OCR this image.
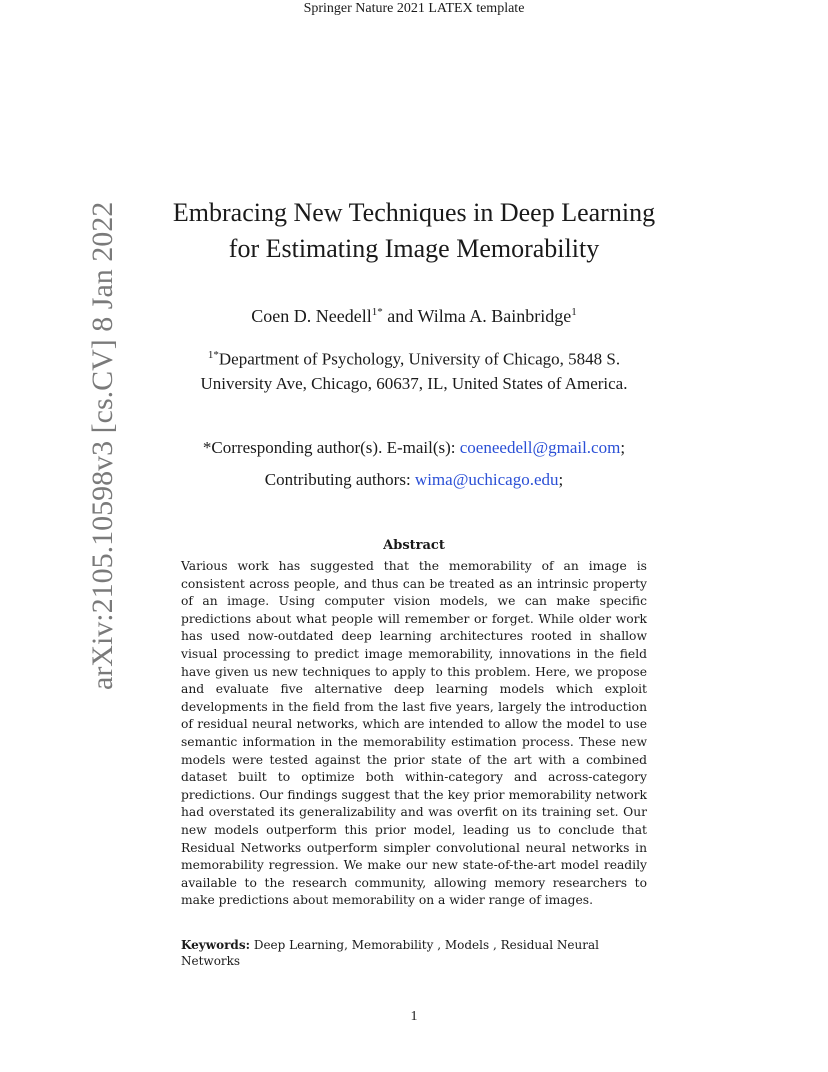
Springer Nature 2021 LATEX template
arXiv:2105.10598v3 [cs.CV] 8 Jan 2022	Embracing New Techniques in Deep Learning
for Estimating Image Memorability
Coen D. Needell$^{1*}$ and Wilma A. Bainbridge$^1$
$^{1*}$Department of Psychology, University of Chicago, 5848 S.
University Ave, Chicago, 60637, IL, United States of America.
*Corresponding author(s). E-mail(s): coeneedell@gmail.com;
Contributing authors: wima@uchicago.edu;
Abstract

Various work has suggested that the memorability of an image is consistent across people, and thus can be treated as an intrinsic property of an image. Using computer vision models, we can make specific predictions about what people will remember or forget. While older work has used now-outdated deep learning architectures rooted in shallow visual processing to predict image memorability, innovations in the field have given us new techniques to apply to this problem. Here, we propose and evaluate five alternative deep learning models which exploit developments in the field from the last five years, largely the introduction of residual neural networks, which are intended to allow the model to use semantic information in the memorability estimation process. These new models were tested against the prior state of the art with a combined dataset built to optimize both within-category and across-category predictions. Our findings suggest that the key prior memorability network had overstated its generalizability and was overfit on its training set. Our new models outperform this prior model, leading us to conclude that Residual Networks outperform simpler convolutional neural networks in memorability regression. We make our new state-of-the-art model readily available to the research community, allowing memory researchers to make predictions about memorability on a wider range of images.

Keywords: Deep Learning, Memorability , Models , Residual Neural Networks
1
